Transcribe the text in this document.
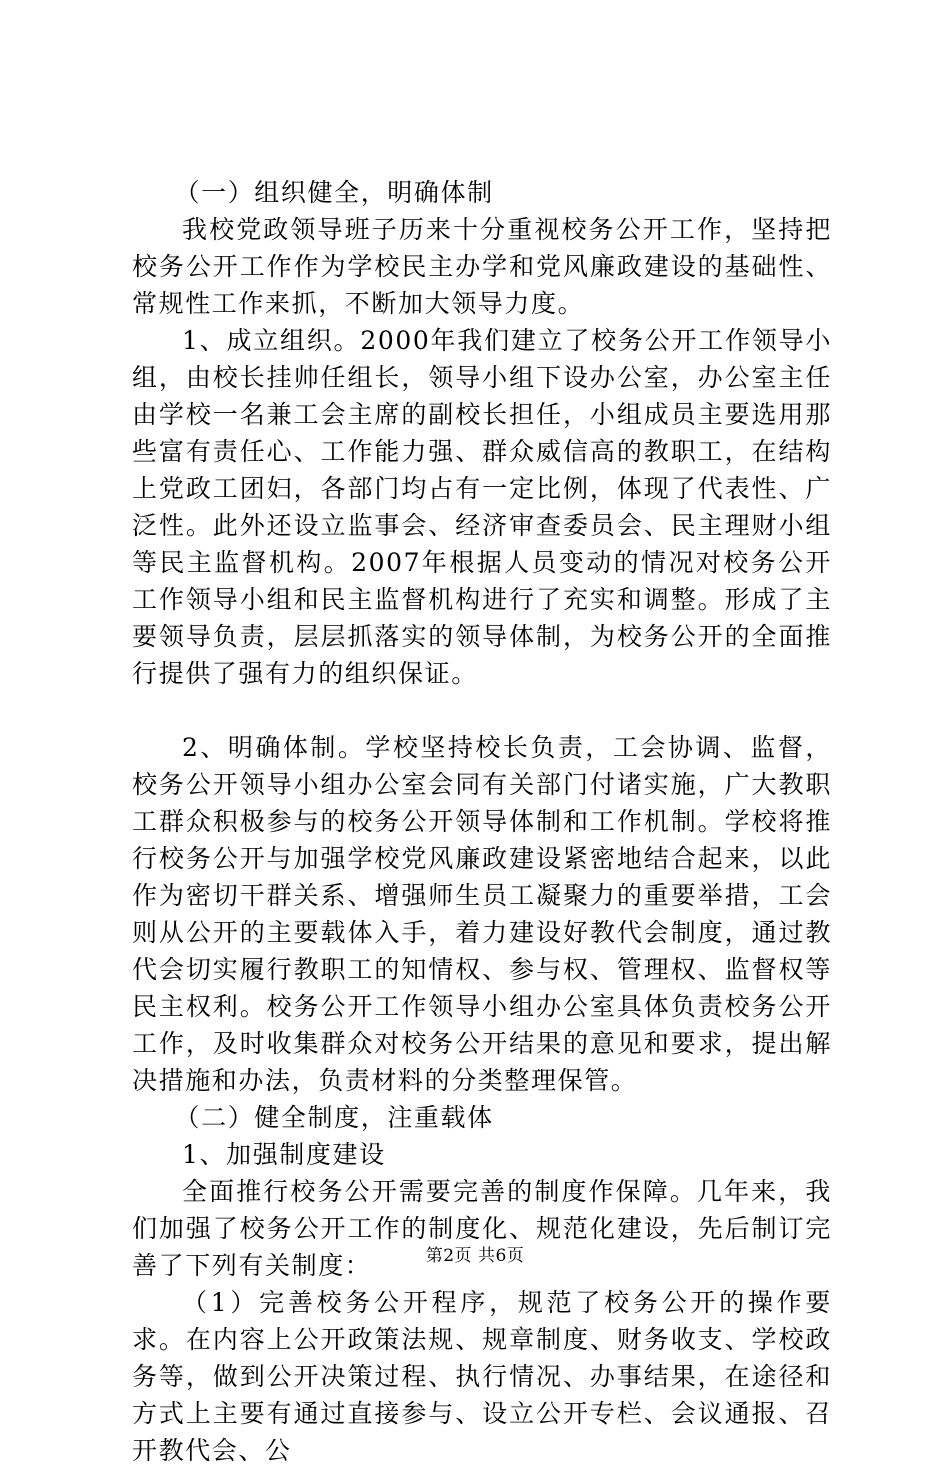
（一）组织健全，明确体制

我校党政领导班子历来十分重视校务公开工作，坚持把校务公开工作作为学校民主办学和党风廉政建设的基础性、常规性工作来抓，不断加大领导力度。

1、成立组织。2000年我们建立了校务公开工作领导小组，由校长挂帅任组长，领导小组下设办公室，办公室主任由学校一名兼工会主席的副校长担任，小组成员主要选用那些富有责任心、工作能力强、群众威信高的教职工，在结构上党政工团妇，各部门均占有一定比例，体现了代表性、广泛性。此外还设立监事会、经济审查委员会、民主理财小组等民主监督机构。2007年根据人员变动的情况对校务公开工作领导小组和民主监督机构进行了充实和调整。形成了主要领导负责，层层抓落实的领导体制，为校务公开的全面推行提供了强有力的组织保证。

2、明确体制。学校坚持校长负责，工会协调、监督，校务公开领导小组办公室会同有关部门付诸实施，广大教职工群众积极参与的校务公开领导体制和工作机制。学校将推行校务公开与加强学校党风廉政建设紧密地结合起来，以此作为密切干群关系、增强师生员工凝聚力的重要举措，工会则从公开的主要载体入手，着力建设好教代会制度，通过教代会切实履行教职工的知情权、参与权、管理权、监督权等民主权利。校务公开工作领导小组办公室具体负责校务公开工作，及时收集群众对校务公开结果的意见和要求，提出解决措施和办法，负责材料的分类整理保管。

（二）健全制度，注重载体

1、加强制度建设

全面推行校务公开需要完善的制度作保障。几年来，我们加强了校务公开工作的制度化、规范化建设，先后制订完善了下列有关制度：

（1）完善校务公开程序，规范了校务公开的操作要求。在内容上公开政策法规、规章制度、财务收支、学校政务等，做到公开决策过程、执行情况、办事结果，在途径和方式上主要有通过直接参与、设立公开专栏、会议通报、召开教代会、公

第2页 共6页
